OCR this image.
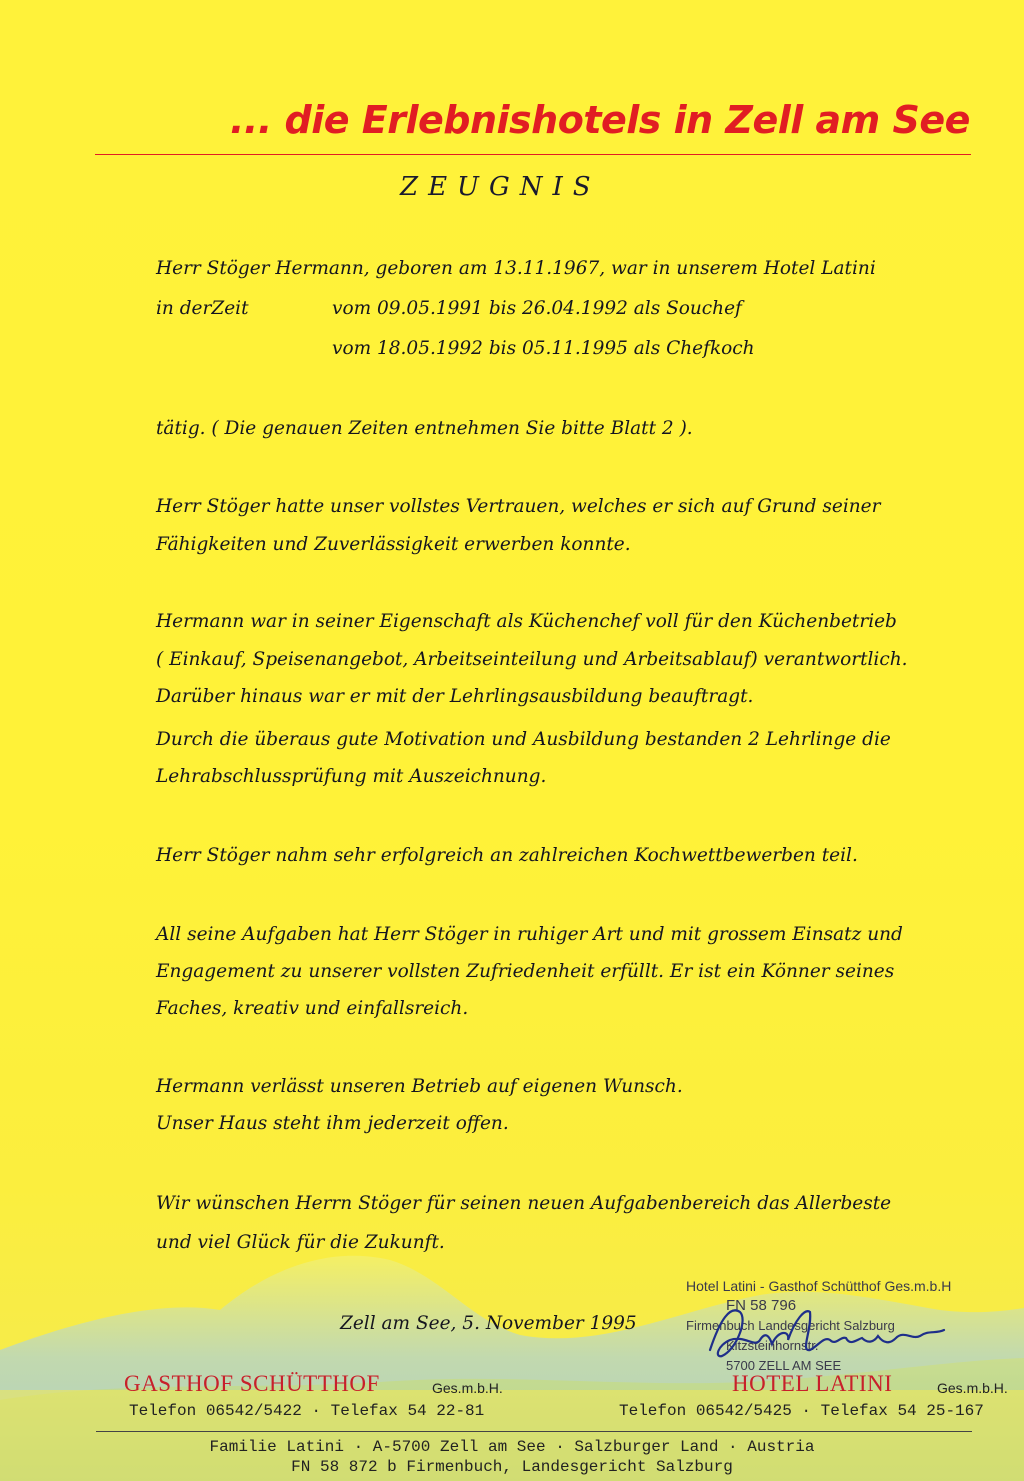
... die Erlebnishotels in Zell am See
ZEUGNIS
Herr Stöger Hermann, geboren am 13.11.1967, war in unserem Hotel Latini
in derZeit	vom 09.05.1991 bis 26.04.1992 als Souchef
vom 18.05.1992 bis 05.11.1995 als Chefkoch
tätig. ( Die genauen Zeiten entnehmen Sie bitte Blatt 2 ).
Herr Stöger hatte unser vollstes Vertrauen, welches er sich auf Grund seiner
Fähigkeiten und Zuverlässigkeit erwerben konnte.
Hermann war in seiner Eigenschaft als Küchenchef voll für den Küchenbetrieb
( Einkauf, Speisenangebot, Arbeitseinteilung und Arbeitsablauf) verantwortlich.
Darüber hinaus war er mit der Lehrlingsausbildung beauftragt.
Durch die überaus gute Motivation und Ausbildung bestanden 2 Lehrlinge die
Lehrabschlussprüfung mit Auszeichnung.
Herr Stöger nahm sehr erfolgreich an zahlreichen Kochwettbewerben teil.
All seine Aufgaben hat Herr Stöger in ruhiger Art und mit grossem Einsatz und
Engagement zu unserer vollsten Zufriedenheit erfüllt. Er ist ein Könner seines
Faches, kreativ und einfallsreich.
Hermann verlässt unseren Betrieb auf eigenen Wunsch.
Unser Haus steht ihm jederzeit offen.
Wir wünschen Herrn Stöger für seinen neuen Aufgabenbereich das Allerbeste
und viel Glück für die Zukunft.
Zell am See, 5. November 1995
Hotel Latini - Gasthof Schütthof Ges.m.b.H
FN 58 796
Firmenbuch Landesgericht Salzburg
Kitzsteinhornstr.
5700 ZELL AM SEE
GASTHOF SCHÜTTHOF	Ges.m.b.H.
Telefon 06542/5422 · Telefax 54 22-81
HOTEL LATINI	Ges.m.b.H.
Telefon 06542/5425 · Telefax 54 25-167
Familie Latini · A-5700 Zell am See · Salzburger Land · Austria
FN 58 872 b Firmenbuch, Landesgericht Salzburg
